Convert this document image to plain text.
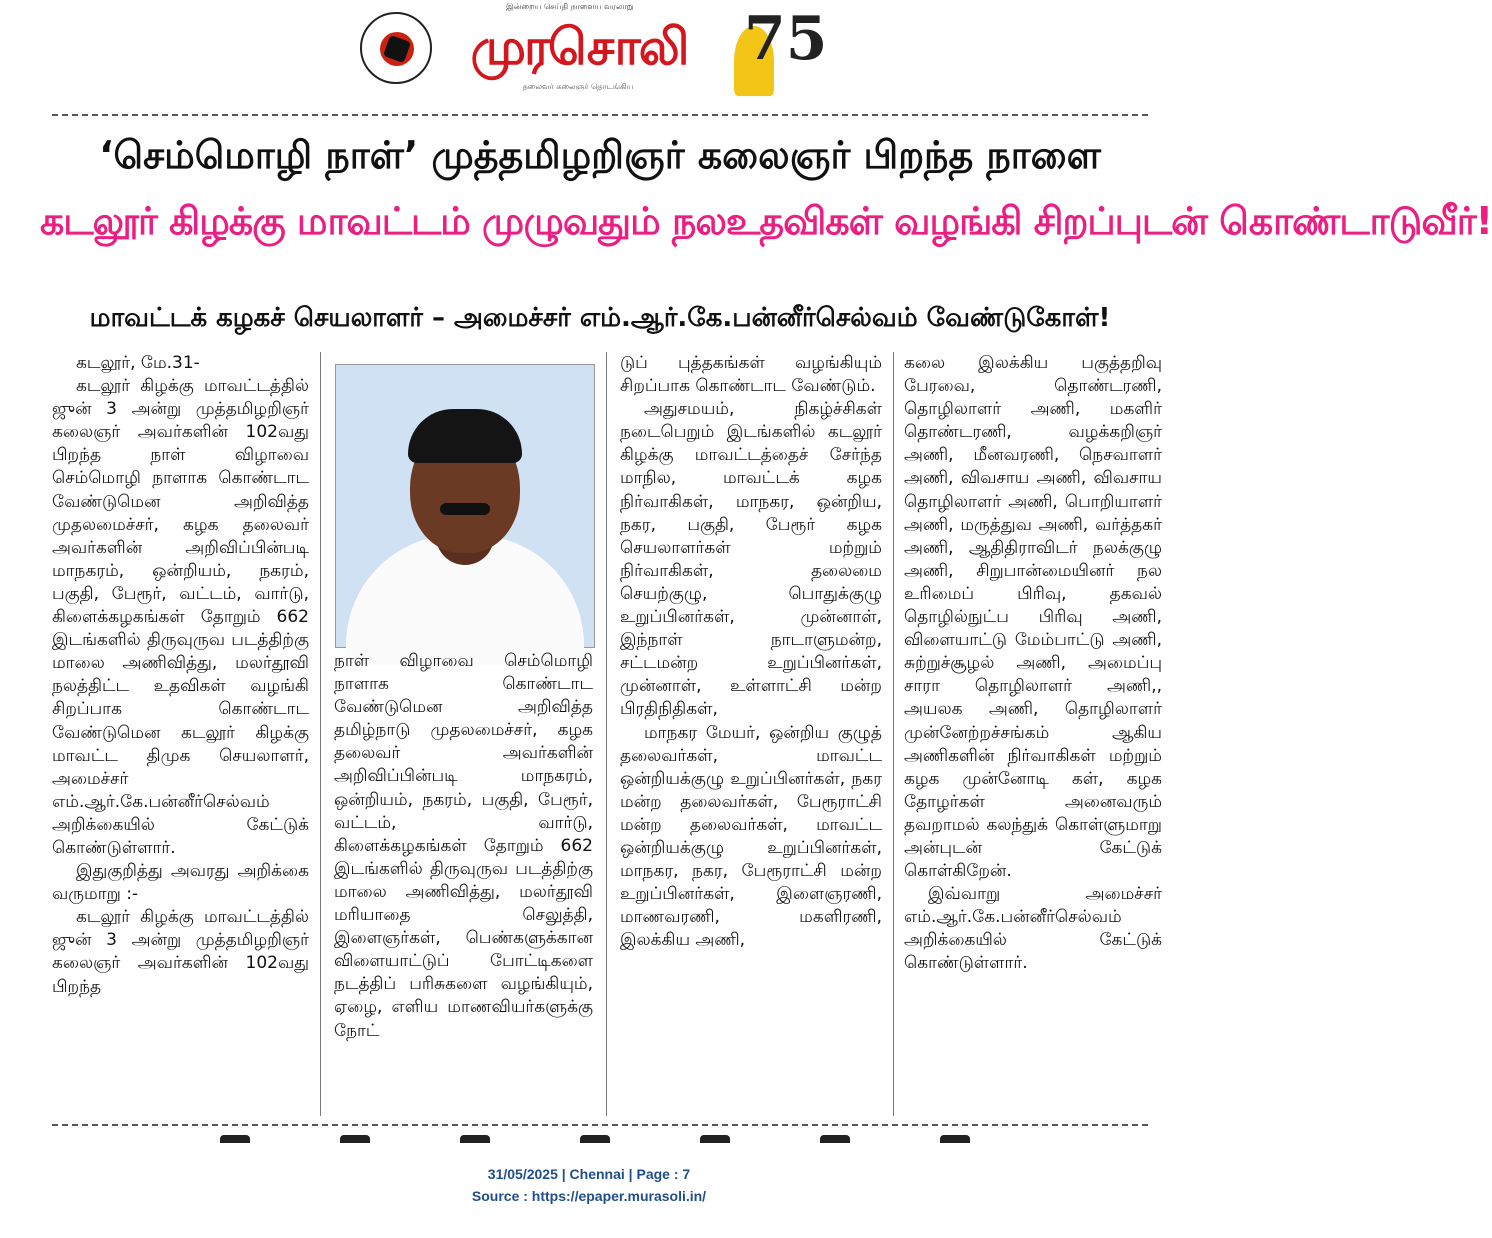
இன்றைய செய்தி நாளைய வரலாறு
முரசொலி
தலைவர் கலைஞர் தொடங்கிய
75
‘செம்மொழி நாள்’ முத்தமிழறிஞர் கலைஞர் பிறந்த நாளை
கடலூர் கிழக்கு மாவட்டம் முழுவதும் நலஉதவிகள் வழங்கி சிறப்புடன் கொண்டாடுவீர்!
மாவட்டக் கழகச் செயலாளர் – அமைச்சர் எம்.ஆர்.கே.பன்னீர்செல்வம் வேண்டுகோள்!

கடலூர், மே.31-

கடலூர் கிழக்கு மாவட்டத்தில் ஜுன் 3 அன்று முத்தமிழறிஞர் கலைஞர் அவர்களின் 102வது பிறந்த நாள் விழாவை செம்மொழி நாளாக கொண்டாட வேண்டுமென அறிவித்த முதலமைச்சர், கழக தலைவர் அவர்களின் அறிவிப்பின்படி மாநகரம், ஒன்றியம், நகரம், பகுதி, பேரூர், வட்டம், வார்டு, கிளைக்கழகங்கள் தோறும் 662 இடங்களில் திருவுருவ படத்திற்கு மாலை அணிவித்து, மலர்தூவி நலத்திட்ட உதவிகள் வழங்கி சிறப்பாக கொண்டாட வேண்டுமென கடலூர் கிழக்கு மாவட்ட திமுக செயலாளர், அமைச்சர் எம்.ஆர்.கே.பன்னீர்செல்வம் அறிக்கையில் கேட்டுக் கொண்டுள்ளார்.

இதுகுறித்து அவரது அறிக்கை வருமாறு :-

கடலூர் கிழக்கு மாவட்டத்தில் ஜுன் 3 அன்று முத்தமிழறிஞர் கலைஞர் அவர்களின் 102வது பிறந்த

நாள் விழாவை செம்மொழி நாளாக கொண்டாட வேண்டுமென அறிவித்த தமிழ்நாடு முதலமைச்சர், கழக தலைவர் அவர்களின் அறிவிப்பின்படி மாநகரம், ஒன்றியம், நகரம், பகுதி, பேரூர், வட்டம், வார்டு, கிளைக்கழகங்கள் தோறும் 662 இடங்களில் திருவுருவ படத்திற்கு மாலை அணிவித்து, மலர்தூவி மரியாதை செலுத்தி, இளைஞர்கள், பெண்களுக்கான விளையாட்டுப் போட்டிகளை நடத்திப் பரிசுகளை வழங்கியும், ஏழை, எளிய மாணவியர்களுக்கு நோட்

டுப் புத்தகங்கள் வழங்கியும் சிறப்பாக கொண்டாட வேண்டும்.

அதுசமயம், நிகழ்ச்சிகள் நடைபெறும் இடங்களில் கடலூர் கிழக்கு மாவட்டத்தைச் சேர்ந்த மாநில, மாவட்டக் கழக நிர்வாகிகள், மாநகர, ஒன்றிய, நகர, பகுதி, பேரூர் கழக செயலாளர்கள் மற்றும் நிர்வாகிகள், தலைமை செயற்குழு, பொதுக்குழு உறுப்பினர்கள், முன்னாள், இந்நாள் நாடாளுமன்ற, சட்டமன்ற உறுப்பினர்கள், முன்னாள், உள்ளாட்சி மன்ற பிரதிநிதிகள்,

மாநகர மேயர், ஒன்றிய குழுத் தலைவர்கள், மாவட்ட ஒன்றியக்குழு உறுப்பினர்கள், நகர மன்ற தலைவர்கள், பேரூராட்சி மன்ற தலைவர்கள், மாவட்ட ஒன்றியக்குழு உறுப்பினர்கள், மாநகர, நகர, பேரூராட்சி மன்ற உறுப்பினர்கள், இளைஞரணி, மாணவரணி, மகளிரணி, இலக்கிய அணி,

கலை இலக்கிய பகுத்தறிவு பேரவை, தொண்டரணி, தொழிலாளர் அணி, மகளிர் தொண்டரணி, வழக்கறிஞர் அணி, மீனவரணி, நெசவாளர் அணி, விவசாய அணி, விவசாய தொழிலாளர் அணி, பொறியாளர் அணி, மருத்துவ அணி, வர்த்தகர் அணி, ஆதிதிராவிடர் நலக்குழு அணி, சிறுபான்மையினர் நல உரிமைப் பிரிவு, தகவல் தொழில்நுட்ப பிரிவு அணி, விளையாட்டு மேம்பாட்டு அணி, சுற்றுச்சூழல் அணி, அமைப்பு சாரா தொழிலாளர் அணி,, அயலக அணி, தொழிலாளர் முன்னேற்றச்சங்கம் ஆகிய அணிகளின் நிர்வாகிகள் மற்றும் கழக முன்னோடி கள், கழக தோழர்கள் அனைவரும் தவறாமல் கலந்துக் கொள்ளுமாறு அன்புடன் கேட்டுக் கொள்கிறேன்.

இவ்வாறு அமைச்சர் எம்.ஆர்.கே.பன்னீர்செல்வம் அறிக்கையில் கேட்டுக் கொண்டுள்ளார்.

31/05/2025 | Chennai | Page : 7
Source : https://epaper.murasoli.in/
